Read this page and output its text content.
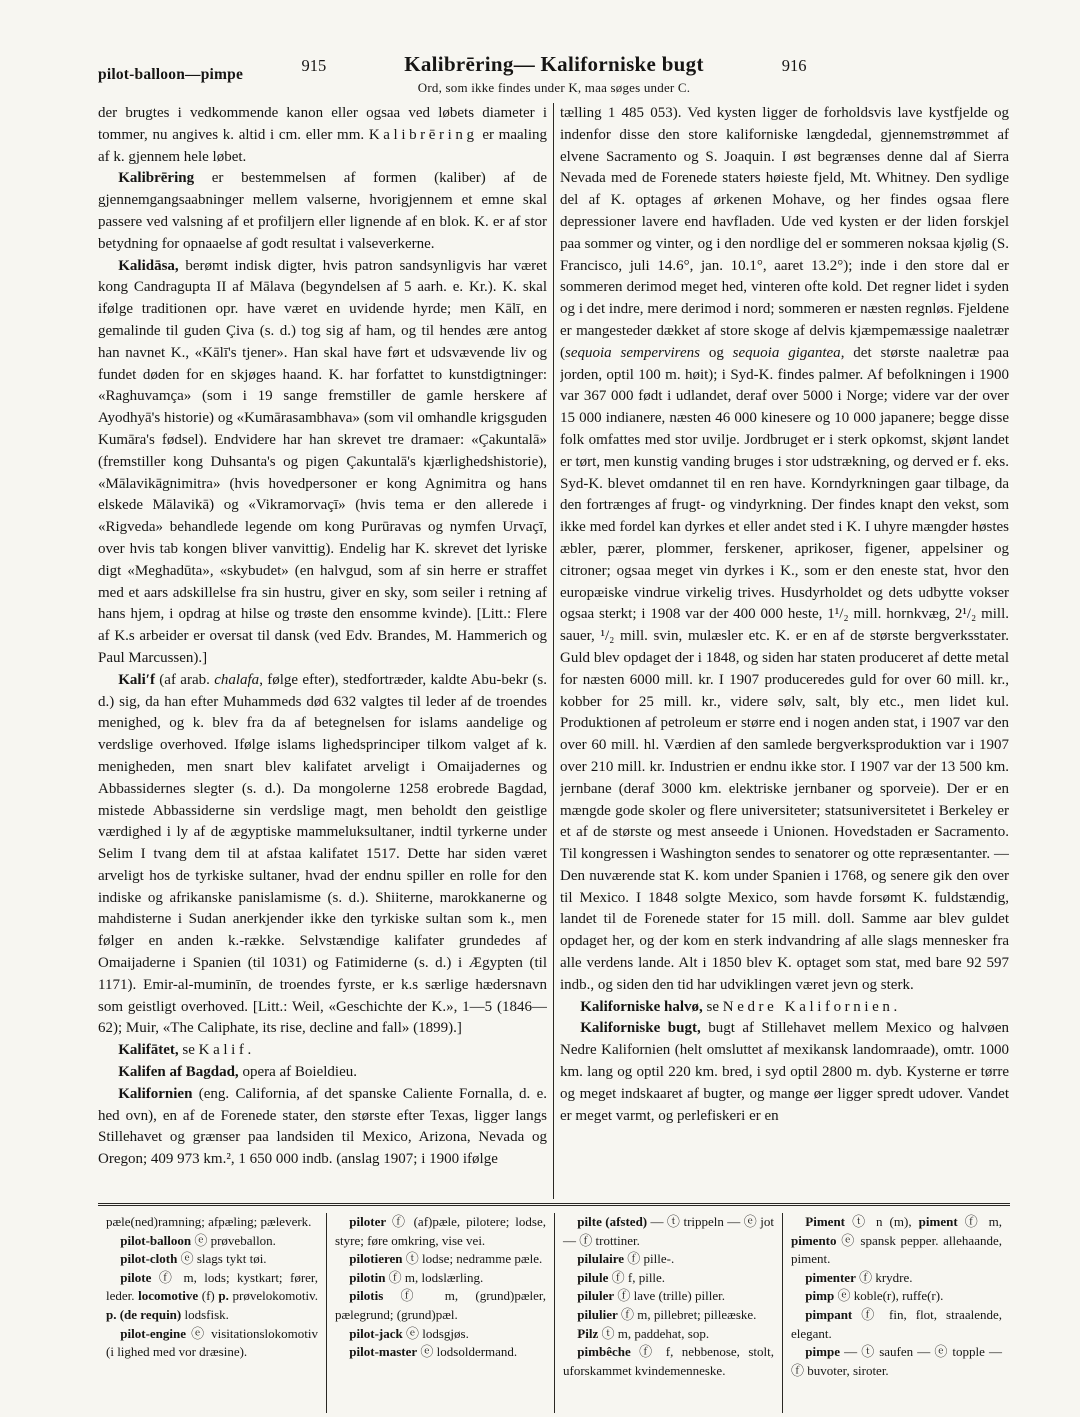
pilot-balloon—pimpe	915	Kalibrēring— Kaliforniske bugt	916
Ord, som ikke findes under K, maa søges under C.

der brugtes i vedkommende kanon eller ogsaa ved løbets diameter i tommer, nu angives k. altid i cm. eller mm. Kalibrēring er maaling af k. gjennem hele løbet.

Kalibrēring er bestemmelsen af formen (kaliber) af de gjennemgangsaabninger mellem valserne, hvorigjennem et emne skal passere ved valsning af et profiljern eller lignende af en blok. K. er af stor betydning for opnaaelse af godt resultat i valseverkerne.

Kalidāsa, berømt indisk digter, hvis patron sandsynligvis har været kong Candragupta II af Mālava (begyndelsen af 5 aarh. e. Kr.). K. skal ifølge traditionen opr. have været en uvidende hyrde; men Kālī, en gemalinde til guden Çiva (s. d.) tog sig af ham, og til hendes ære antog han navnet K., «Kālī's tjener». Han skal have ført et udsvævende liv og fundet døden for en skjøges haand. K. har forfattet to kunstdigtninger: «Raghuvamça» (som i 19 sange fremstiller de gamle herskere af Ayodhyā's historie) og «Kumārasambhava» (som vil omhandle krigsguden Kumāra's fødsel). Endvidere har han skrevet tre dramaer: «Çakuntalā» (fremstiller kong Duhsanta's og pigen Çakuntalā's kjærlighedshistorie), «Mālavikāgnimitra» (hvis hovedpersoner er kong Agnimitra og hans elskede Mālavikā) og «Vikramorvaçī» (hvis tema er den allerede i «Rigveda» behandlede legende om kong Purūravas og nymfen Urvaçī, over hvis tab kongen bliver vanvittig). Endelig har K. skrevet det lyriske digt «Meghadūta», «skybudet» (en halvgud, som af sin herre er straffet med et aars adskillelse fra sin hustru, giver en sky, som seiler i retning af hans hjem, i opdrag at hilse og trøste den ensomme kvinde). [Litt.: Flere af K.s arbeider er oversat til dansk (ved Edv. Brandes, M. Hammerich og Paul Marcussen).]

Kali′f (af arab. chalafa, følge efter), stedfortræder, kaldte Abu-bekr (s. d.) sig, da han efter Muhammeds død 632 valgtes til leder af de troendes menighed, og k. blev fra da af betegnelsen for islams aandelige og verdslige overhoved. Ifølge islams lighedsprinciper tilkom valget af k. menigheden, men snart blev kalifatet arveligt i Omaijadernes og Abbassidernes slegter (s. d.). Da mongolerne 1258 erobrede Bagdad, mistede Abbassiderne sin verdslige magt, men beholdt den geistlige værdighed i ly af de ægyptiske mammeluksultaner, indtil tyrkerne under Selim I tvang dem til at afstaa kalifatet 1517. Dette har siden været arveligt hos de tyrkiske sultaner, hvad der endnu spiller en rolle for den indiske og afrikanske panislamisme (s. d.). Shiiterne, marokkanerne og mahdisterne i Sudan anerkjender ikke den tyrkiske sultan som k., men følger en anden k.-række. Selvstændige kalifater grundedes af Omaijaderne i Spanien (til 1031) og Fatimiderne (s. d.) i Ægypten (til 1171). Emir-al-muminīn, de troendes fyrste, er k.s særlige hædersnavn som geistligt overhoved. [Litt.: Weil, «Geschichte der K.», 1—5 (1846—62); Muir, «The Caliphate, its rise, decline and fall» (1899).]

Kalifātet, se Kalif.

Kalifen af Bagdad, opera af Boieldieu.

Kalifornien (eng. California, af det spanske Caliente Fornalla, d. e. hed ovn), en af de Forenede stater, den største efter Texas, ligger langs Stillehavet og grænser paa landsiden til Mexico, Arizona, Nevada og Oregon; 409 973 km.², 1 650 000 indb. (anslag 1907; i 1900 ifølge

tælling 1 485 053). Ved kysten ligger de forholdsvis lave kystfjelde og indenfor disse den store kaliforniske længdedal, gjennemstrømmet af elvene Sacramento og S. Joaquin. I øst begrænses denne dal af Sierra Nevada med de Forenede staters høieste fjeld, Mt. Whitney. Den sydlige del af K. optages af ørkenen Mohave, og her findes ogsaa flere depressioner lavere end havfladen. Ude ved kysten er der liden forskjel paa sommer og vinter, og i den nordlige del er sommeren noksaa kjølig (S. Francisco, juli 14.6°, jan. 10.1°, aaret 13.2°); inde i den store dal er sommeren derimod meget hed, vinteren ofte kold. Det regner lidet i syden og i det indre, mere derimod i nord; sommeren er næsten regnløs. Fjeldene er mangesteder dækket af store skoge af delvis kjæmpemæssige naaletrær (sequoia sempervirens og sequoia gigantea, det største naaletræ paa jorden, optil 100 m. høit); i Syd-K. findes palmer. Af befolkningen i 1900 var 367 000 født i udlandet, deraf over 5000 i Norge; videre var der over 15 000 indianere, næsten 46 000 kinesere og 10 000 japanere; begge disse folk omfattes med stor uvilje. Jordbruget er i sterk opkomst, skjønt landet er tørt, men kunstig vanding bruges i stor udstrækning, og derved er f. eks. Syd-K. blevet omdannet til en ren have. Korndyrkningen gaar tilbage, da den fortrænges af frugt- og vindyrkning. Der findes knapt den vekst, som ikke med fordel kan dyrkes et eller andet sted i K. I uhyre mængder høstes æbler, pærer, plommer, ferskener, aprikoser, figener, appelsiner og citroner; ogsaa meget vin dyrkes i K., som er den eneste stat, hvor den europæiske vindrue virkelig trives. Husdyrholdet og dets udbytte vokser ogsaa sterkt; i 1908 var der 400 000 heste, 1¹/₂ mill. hornkvæg, 2¹/₂ mill. sauer, ¹/₂ mill. svin, mulæsler etc. K. er en af de største bergverksstater. Guld blev opdaget der i 1848, og siden har staten produceret af dette metal for næsten 6000 mill. kr. I 1907 produceredes guld for over 60 mill. kr., kobber for 25 mill. kr., videre sølv, salt, bly etc., men lidet kul. Produktionen af petroleum er større end i nogen anden stat, i 1907 var den over 60 mill. hl. Værdien af den samlede bergverksproduktion var i 1907 over 210 mill. kr. Industrien er endnu ikke stor. I 1907 var der 13 500 km. jernbane (deraf 3000 km. elektriske jernbaner og sporveie). Der er en mængde gode skoler og flere universiteter; statsuniversitetet i Berkeley er et af de største og mest anseede i Unionen. Hovedstaden er Sacramento. Til kongressen i Washington sendes to senatorer og otte repræsentanter. — Den nuværende stat K. kom under Spanien i 1768, og senere gik den over til Mexico. I 1848 solgte Mexico, som havde forsømt K. fuldstændig, landet til de Forenede stater for 15 mill. doll. Samme aar blev guldet opdaget her, og der kom en sterk indvandring af alle slags mennesker fra alle verdens lande. Alt i 1850 blev K. optaget som stat, med bare 92 597 indb., og siden den tid har udviklingen været jevn og sterk.

Kaliforniske halvø, se Nedre Kalifornien.

Kaliforniske bugt, bugt af Stillehavet mellem Mexico og halvøen Nedre Kalifornien (helt omsluttet af mexikansk landomraade), omtr. 1000 km. lang og optil 220 km. bred, i syd optil 2800 m. dyb. Kysterne er tørre og meget indskaaret af bugter, og mange øer ligger spredt udover. Vandet er meget varmt, og perlefiskeri er en

pæle(ned)ramning; afpæling; pæleverk.

pilot-balloon ⓔ prøveballon.

pilot-cloth ⓔ slags tykt tøi.

pilote ⓕ m, lods; kystkart; fører, leder. locomotive (f) p. prøvelokomotiv. p. (de requin) lodsfisk.

pilot-engine ⓔ visitationslokomotiv (i lighed med vor dræsine).

piloter ⓕ (af)pæle, pilotere; lodse, styre; føre omkring, vise vei.

pilotieren ⓣ lodse; nedramme pæle.

pilotin ⓕ m, lodslærling.

pilotis ⓕ m, (grund)pæler, pælegrund; (grund)pæl.

pilot-jack ⓔ lodsgjøs.

pilot-master ⓔ lodsoldermand.

pilte (afsted) — ⓣ trippeln — ⓔ jot — ⓕ trottiner.

pilulaire ⓕ pille-.

pilule ⓕ f, pille.

piluler ⓕ lave (trille) piller.

pilulier ⓕ m, pillebret; pilleæske.

Pilz ⓣ m, paddehat, sop.

pimbêche ⓕ f, nebbenose, stolt, uforskammet kvindemenneske.

Piment ⓣ n (m), piment ⓕ m, pimento ⓔ spansk pepper. allehaande, piment.

pimenter ⓕ krydre.

pimp ⓔ koble(r), ruffe(r).

pimpant ⓕ fin, flot, straalende, elegant.

pimpe — ⓣ saufen — ⓔ topple — ⓕ buvoter, siroter.
